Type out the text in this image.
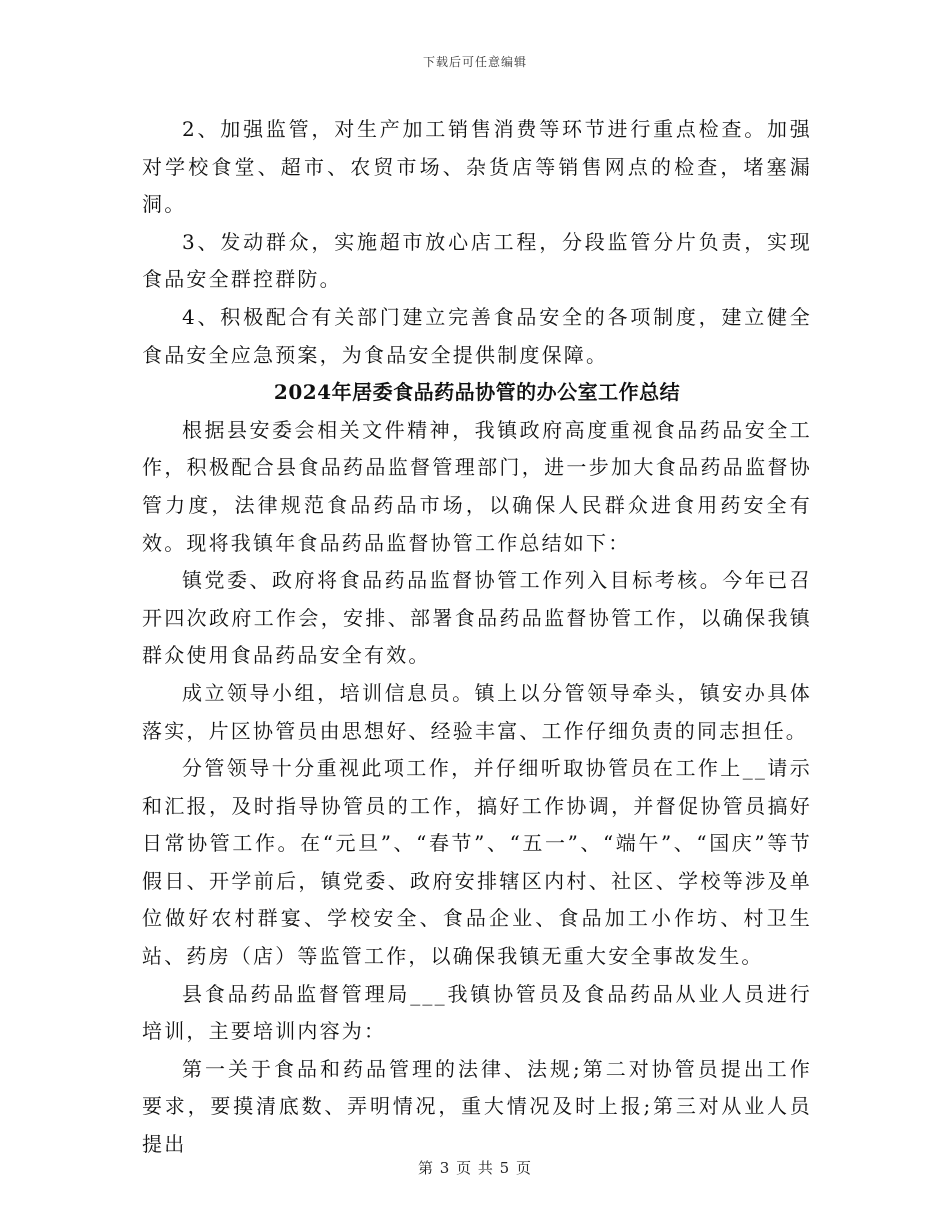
下载后可任意编辑

2、加强监管，对生产加工销售消费等环节进行重点检查。加强对学校食堂、超市、农贸市场、杂货店等销售网点的检查，堵塞漏洞。

3、发动群众，实施超市放心店工程，分段监管分片负责，实现食品安全群控群防。

4、积极配合有关部门建立完善食品安全的各项制度，建立健全食品安全应急预案，为食品安全提供制度保障。

2024年居委食品药品协管的办公室工作总结

根据县安委会相关文件精神，我镇政府高度重视食品药品安全工作，积极配合县食品药品监督管理部门，进一步加大食品药品监督协管力度，法律规范食品药品市场，以确保人民群众进食用药安全有效。现将我镇年食品药品监督协管工作总结如下：

镇党委、政府将食品药品监督协管工作列入目标考核。今年已召开四次政府工作会，安排、部署食品药品监督协管工作，以确保我镇群众使用食品药品安全有效。

成立领导小组，培训信息员。镇上以分管领导牵头，镇安办具体落实，片区协管员由思想好、经验丰富、工作仔细负责的同志担任。

分管领导十分重视此项工作，并仔细听取协管员在工作上__请示和汇报，及时指导协管员的工作，搞好工作协调，并督促协管员搞好日常协管工作。在“元旦”、“春节”、“五一”、“端午”、“国庆”等节假日、开学前后，镇党委、政府安排辖区内村、社区、学校等涉及单位做好农村群宴、学校安全、食品企业、食品加工小作坊、村卫生站、药房（店）等监管工作，以确保我镇无重大安全事故发生。

县食品药品监督管理局___我镇协管员及食品药品从业人员进行培训，主要培训内容为：

第一关于食品和药品管理的法律、法规;第二对协管员提出工作要求，要摸清底数、弄明情况，重大情况及时上报;第三对从业人员提出

第 3 页 共 5 页
